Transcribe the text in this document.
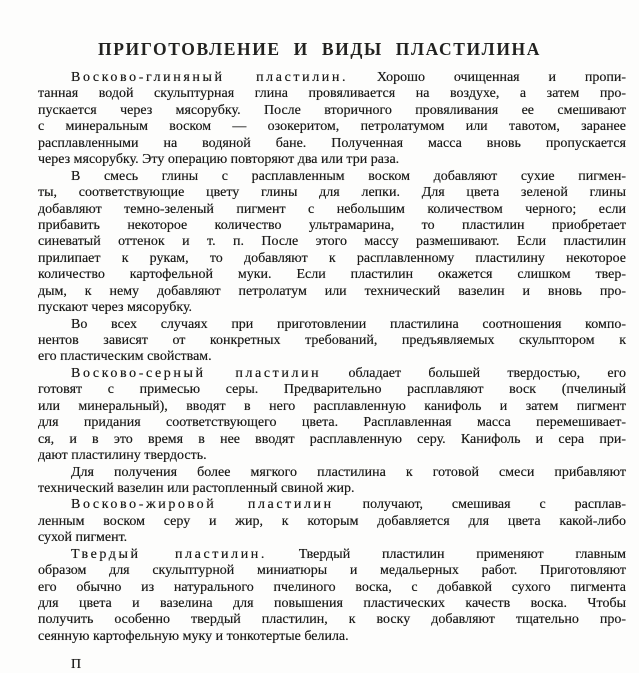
ПРИГОТОВЛЕНИЕ И ВИДЫ ПЛАСТИЛИНА
Восково-глиняный пластилин. Хорошо очищенная и пропи-
танная водой скульптурная глина провяливается на воздухе, а затем про-
пускается через мясорубку. После вторичного провяливания ее смешивают
с минеральным воском — озокеритом, петролатумом или тавотом, заранее
расплавленными на водяной бане. Полученная масса вновь пропускается
через мясорубку. Эту операцию повторяют два или три раза.
В смесь глины с расплавленным воском добавляют сухие пигмен-
ты, соответствующие цвету глины для лепки. Для цвета зеленой глины
добавляют темно-зеленый пигмент с небольшим количеством черного; если
прибавить некоторое количество ультрамарина, то пластилин приобретает
синеватый оттенок и т. п. После этого массу размешивают. Если пластилин
прилипает к рукам, то добавляют к расплавленному пластилину некоторое
количество картофельной муки. Если пластилин окажется слишком твер-
дым, к нему добавляют петролатум или технический вазелин и вновь про-
пускают через мясорубку.
Во всех случаях при приготовлении пластилина соотношения компо-
нентов зависят от конкретных требований, предъявляемых скульптором к
его пластическим свойствам.
Восково-серный пластилин обладает большей твердостью, его
готовят с примесью серы. Предварительно расплавляют воск (пчелиный
или минеральный), вводят в него расплавленную канифоль и затем пигмент
для придания соответствующего цвета. Расплавленная масса перемешивает-
ся, и в это время в нее вводят расплавленную серу. Канифоль и сера при-
дают пластилину твердость.
Для получения более мягкого пластилина к готовой смеси прибавляют
технический вазелин или растопленный свиной жир.
Восково-жировой пластилин получают, смешивая с расплав-
ленным воском серу и жир, к которым добавляется для цвета какой-либо
сухой пигмент.
Твердый пластилин. Твердый пластилин применяют главным
образом для скульптурной миниатюры и медальерных работ. Приготовляют
его обычно из натурального пчелиного воска, с добавкой сухого пигмента
для цвета и вазелина для повышения пластических качеств воска. Чтобы
получить особенно твердый пластилин, к воску добавляют тщательно про-
сеянную картофельную муку и тонкотертые белила.
П
